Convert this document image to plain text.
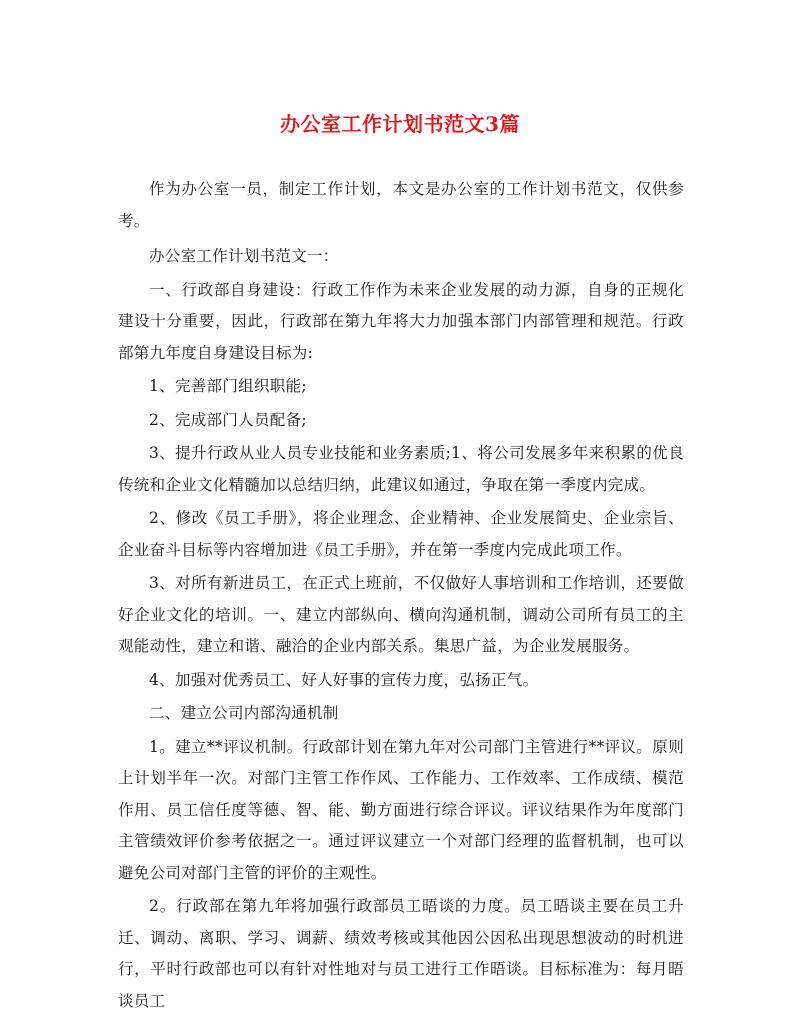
办公室工作计划书范文3篇

作为办公室一员，制定工作计划，本文是办公室的工作计划书范文，仅供参考。

办公室工作计划书范文一：

一、行政部自身建设：行政工作作为未来企业发展的动力源，自身的正规化建设十分重要，因此，行政部在第九年将大力加强本部门内部管理和规范。行政部第九年度自身建设目标为:

1、完善部门组织职能;

2、完成部门人员配备;

3、提升行政从业人员专业技能和业务素质;1、将公司发展多年来积累的优良传统和企业文化精髓加以总结归纳，此建议如通过，争取在第一季度内完成。

2、修改《员工手册》，将企业理念、企业精神、企业发展简史、企业宗旨、企业奋斗目标等内容增加进《员工手册》，并在第一季度内完成此项工作。

3、对所有新进员工，在正式上班前，不仅做好人事培训和工作培训，还要做好企业文化的培训。一、建立内部纵向、横向沟通机制，调动公司所有员工的主观能动性，建立和谐、融洽的企业内部关系。集思广益，为企业发展服务。

4、加强对优秀员工、好人好事的宣传力度，弘扬正气。

二、建立公司内部沟通机制

1。建立**评议机制。行政部计划在第九年对公司部门主管进行**评议。原则上计划半年一次。对部门主管工作作风、工作能力、工作效率、工作成绩、模范作用、员工信任度等德、智、能、勤方面进行综合评议。评议结果作为年度部门主管绩效评价参考依据之一。通过评议建立一个对部门经理的监督机制，也可以避免公司对部门主管的评价的主观性。

2。行政部在第九年将加强行政部员工晤谈的力度。员工晤谈主要在员工升迁、调动、离职、学习、调薪、绩效考核或其他因公因私出现思想波动的时机进行，平时行政部也可以有针对性地对与员工进行工作晤谈。目标标准为：每月晤谈员工
